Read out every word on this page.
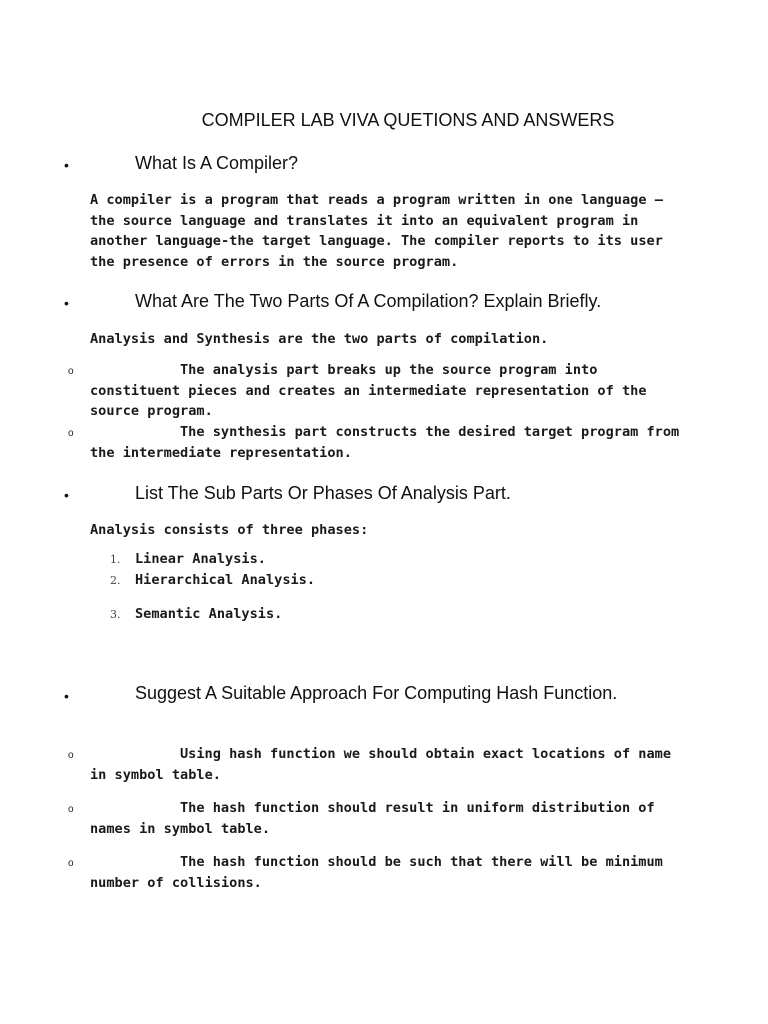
COMPILER LAB VIVA QUETIONS AND ANSWERS
•	What Is A Compiler?
A compiler is a program that reads a program written in one language –the source language and translates it into an equivalent program in another language-the target language. The compiler reports to its user the presence of errors in the source program.
•	What Are The Two Parts Of A Compilation? Explain Briefly.
Analysis and Synthesis are the two parts of compilation.
o	The analysis part breaks up the source program into constituent pieces and creates an intermediate representation of the source program.
o	The synthesis part constructs the desired target program from the intermediate representation.
•	List The Sub Parts Or Phases Of Analysis Part.
Analysis consists of three phases:
1. Linear Analysis.
2. Hierarchical Analysis.
3. Semantic Analysis.
•	Suggest A Suitable Approach For Computing Hash Function.
o	Using hash function we should obtain exact locations of name in symbol table.
o	The hash function should result in uniform distribution of names in symbol table.
o	The hash function should be such that there will be minimum number of collisions.
